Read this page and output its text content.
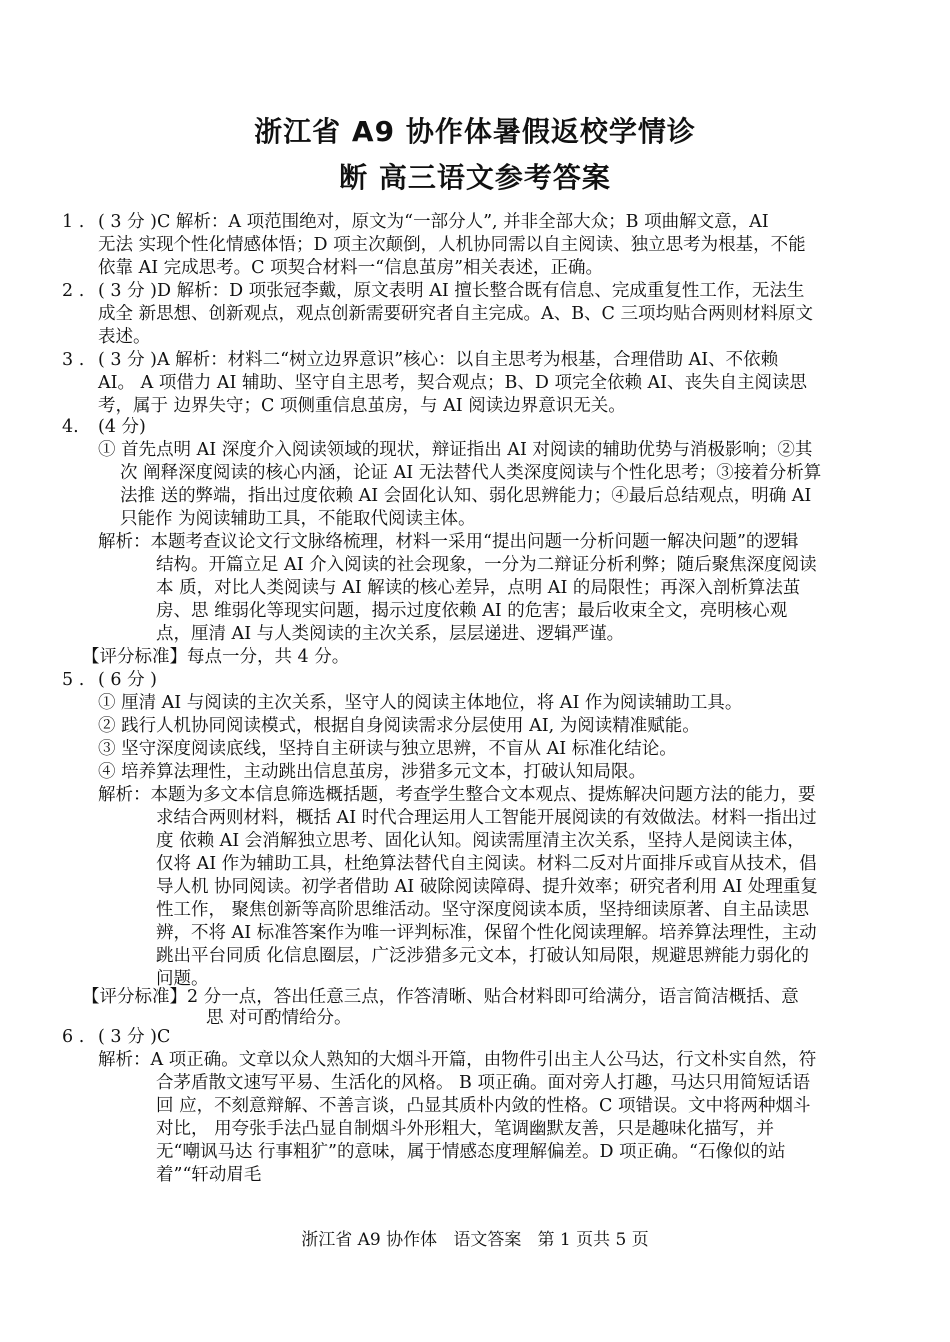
浙江省 A9 协作体暑假返校学情诊
断 高三语文参考答案
1 . ( 3 分 )C 解析：A 项范围绝对，原文为“一部分人”, 并非全部大众；B 项曲解文意，AI
无法 实现个性化情感体悟；D 项主次颠倒，人机协同需以自主阅读、独立思考为根基，不能
依靠 AI 完成思考。C 项契合材料一“信息茧房”相关表述，正确。
2 . ( 3 分 )D 解析：D 项张冠李戴，原文表明 AI 擅长整合既有信息、完成重复性工作，无法生
成全 新思想、创新观点，观点创新需要研究者自主完成。A、B、C 三项均贴合两则材料原文
表述。
3 . ( 3 分 )A 解析：材料二“树立边界意识”核心：以自主思考为根基，合理借助 AI、不依赖
AI。 A 项借力 AI 辅助、坚守自主思考，契合观点；B、D 项完全依赖 AI、丧失自主阅读思
考，属于 边界失守；C 项侧重信息茧房，与 AI 阅读边界意识无关。
4. (4 分)
① 首先点明 AI 深度介入阅读领域的现状，辩证指出 AI 对阅读的辅助优势与消极影响；②其
次 阐释深度阅读的核心内涵，论证 AI 无法替代人类深度阅读与个性化思考；③接着分析算
法推 送的弊端，指出过度依赖 AI 会固化认知、弱化思辨能力；④最后总结观点，明确 AI
只能作 为阅读辅助工具，不能取代阅读主体。
解析：本题考查议论文行文脉络梳理，材料一采用“提出问题一分析问题一解决问题”的逻辑
结构。开篇立足 AI 介入阅读的社会现象，一分为二辩证分析利弊；随后聚焦深度阅读
本 质，对比人类阅读与 AI 解读的核心差异，点明 AI 的局限性；再深入剖析算法茧
房、思 维弱化等现实问题，揭示过度依赖 AI 的危害；最后收束全文，亮明核心观
点，厘清 AI 与人类阅读的主次关系，层层递进、逻辑严谨。
【评分标准】每点一分，共 4 分。
5 . ( 6 分 )
① 厘清 AI 与阅读的主次关系，坚守人的阅读主体地位，将 AI 作为阅读辅助工具。
② 践行人机协同阅读模式，根据自身阅读需求分层使用 AI, 为阅读精准赋能。
③ 坚守深度阅读底线，坚持自主研读与独立思辨，不盲从 AI 标准化结论。
④ 培养算法理性，主动跳出信息茧房，涉猎多元文本，打破认知局限。
解析：本题为多文本信息筛选概括题，考查学生整合文本观点、提炼解决问题方法的能力，要
求结合两则材料，概括 AI 时代合理运用人工智能开展阅读的有效做法。材料一指出过
度 依赖 AI 会消解独立思考、固化认知。阅读需厘清主次关系，坚持人是阅读主体，
仅将 AI 作为辅助工具，杜绝算法替代自主阅读。材料二反对片面排斥或盲从技术，倡
导人机 协同阅读。初学者借助 AI 破除阅读障碍、提升效率；研究者利用 AI 处理重复
性工作， 聚焦创新等高阶思维活动。坚守深度阅读本质，坚持细读原著、自主品读思
辨，不将 AI 标准答案作为唯一评判标准，保留个性化阅读理解。培养算法理性，主动
跳出平台同质 化信息圈层，广泛涉猎多元文本，打破认知局限，规避思辨能力弱化的
问题。
【评分标准】2 分一点，答出任意三点，作答清晰、贴合材料即可给满分，语言简洁概括、意
思 对可酌情给分。
6 . ( 3 分 )C
解析：A 项正确。文章以众人熟知的大烟斗开篇，由物件引出主人公马达，行文朴实自然，符
合茅盾散文速写平易、生活化的风格。 B 项正确。面对旁人打趣，马达只用简短话语
回 应，不刻意辩解、不善言谈，凸显其质朴内敛的性格。C 项错误。文中将两种烟斗
对比， 用夸张手法凸显自制烟斗外形粗大，笔调幽默友善，只是趣味化描写，并
无“嘲讽马达 行事粗犷”的意味，属于情感态度理解偏差。D 项正确。“石像似的站
着”“轩动眉毛
浙江省 A9 协作体   语文答案   第 1 页共 5 页
